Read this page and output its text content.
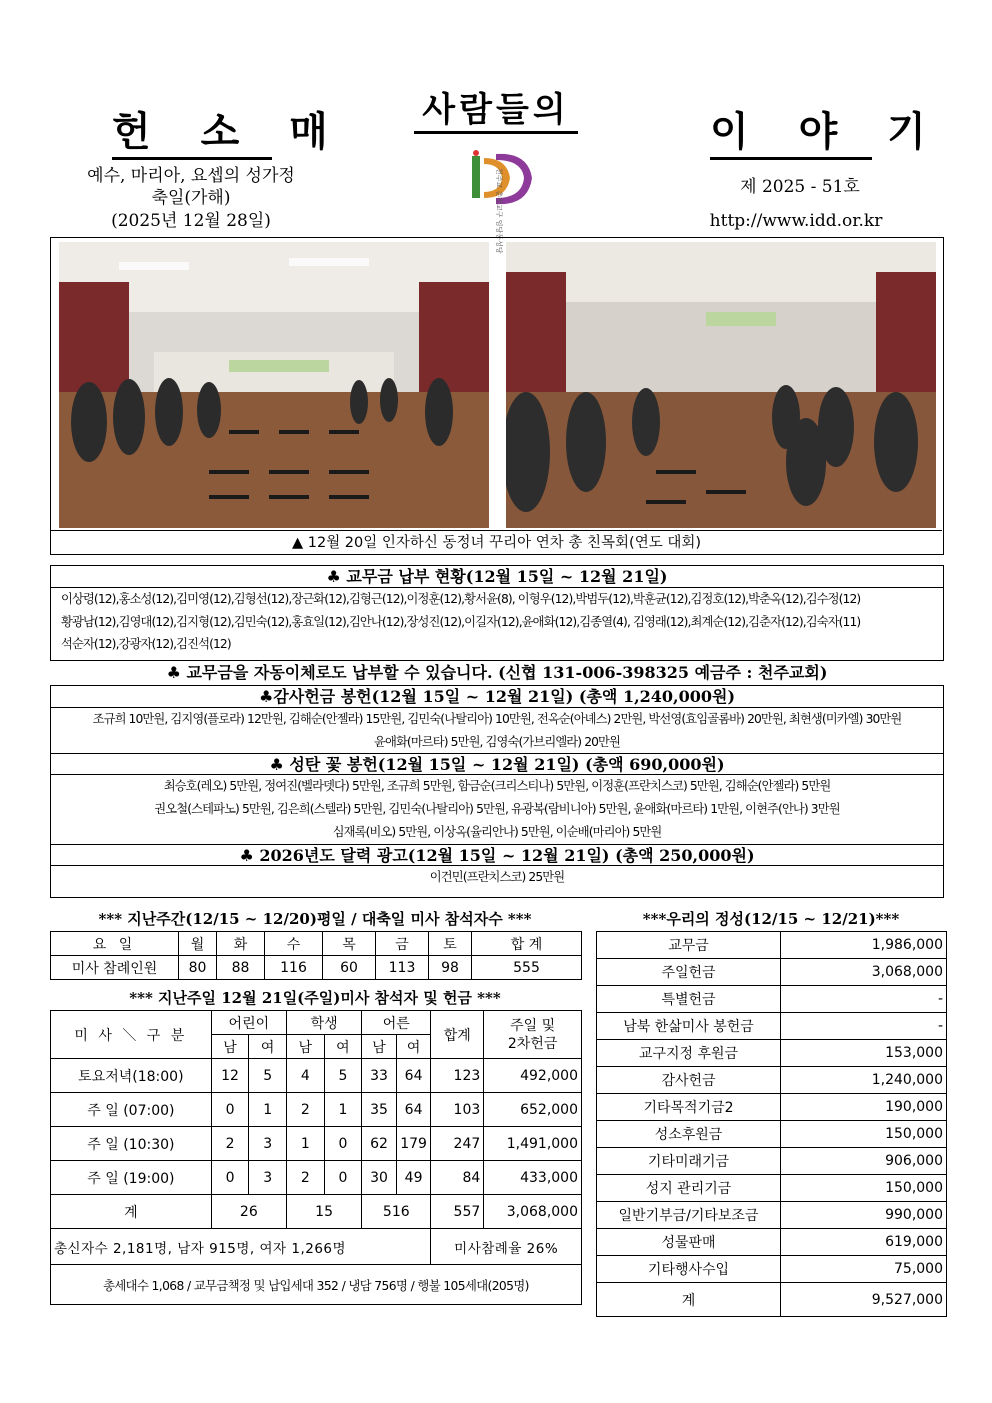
헌 소 매 사람들의	이 야 기
예수, 마리아, 요셉의 성가정
축일(가해)
(2025년 12월 28일)
제 2025 - 51호
http://www.idd.or.kr
천주교 춘천교구 임당동성당
▲ 12월 20일 인자하신 동정녀 꾸리아 연차 총 친목회(연도 대회)
♣ 교무금 납부 현황(12월 15일 ~ 12월 21일)
이상령(12),홍소성(12),김미영(12),김형선(12),장근화(12),김형근(12),이정훈(12),황서윤(8), 이형우(12),박범두(12),박훈균(12),김정호(12),박춘옥(12),김수정(12)
황광남(12),김영대(12),김지형(12),김민숙(12),홍효일(12),김안나(12),장성진(12),이길자(12),윤애화(12),김종열(4), 김영래(12),최계순(12),김춘자(12),김숙자(11)
석순자(12),강광자(12),김진석(12)
♣ 교무금을 자동이체로도 납부할 수 있습니다. (신협 131-006-398325 예금주 : 천주교회)
♣감사헌금 봉헌(12월 15일 ~ 12월 21일) (총액 1,240,000원)
조규희 10만원, 김지영(플로라) 12만원, 김해순(안젤라) 15만원, 김민숙(나탈리아) 10만원, 전옥순(아녜스) 2만원, 박선영(효임골롬바) 20만원, 최현생(미카엘) 30만원
윤애화(마르타) 5만원, 김영숙(가브리엘라) 20만원
♣ 성탄 꽃 봉헌(12월 15일 ~ 12월 21일) (총액 690,000원)
최승호(레오) 5만원, 정여진(벨라뎃다) 5만원, 조규희 5만원, 함금순(크리스티나) 5만원, 이정훈(프란치스코) 5만원, 김해순(안젤라) 5만원
권오철(스테파노) 5만원, 김은희(스텔라) 5만원, 김민숙(나탈리아) 5만원, 유광복(람비니아) 5만원, 윤애화(마르타) 1만원, 이현주(안나) 3만원
심재록(비오) 5만원, 이상옥(율리안나) 5만원, 이순배(마리아) 5만원
♣ 2026년도 달력 광고(12월 15일 ~ 12월 21일) (총액 250,000원)
이건민(프란치스코) 25만원
*** 지난주간(12/15 ~ 12/20)평일 / 대축일 미사 참석자수 ***
요 일	월	화	수	목	금	토	합 계
미사 참례인원	80	88	116	60	113	98	555
*** 지난주일 12월 21일(주일)미사 참석자 및 헌금 ***
미 사 ＼ 구 분	어린이		학생		어른		합계	주일 및
2차헌금
	남	여	남	여	남	여		
토요저녁(18:00)	12	5	4	5	33	64	123	492,000
주 일 (07:00)	0	1	2	1	35	64	103	652,000
주 일 (10:30)	2	3	1	0	62	179	247	1,491,000
주 일 (19:00)	0	3	2	0	30	49	84	433,000
계	26		15		516		557	3,068,000
총신자수 2,181명, 남자 915명, 여자 1,266명							미사참례율 26%	
총세대수 1,068 / 교무금책정 및 납입세대 352 / 냉담 756명 / 행불 105세대(205명)								
***우리의 정성(12/15 ~ 12/21)***
교무금	1,986,000
주일헌금	3,068,000
특별헌금	-
남북 한삶미사 봉헌금	-
교구지정 후원금	153,000
감사헌금	1,240,000
기타목적기금2	190,000
성소후원금	150,000
기타미래기금	906,000
성지 관리기금	150,000
일반기부금/기타보조금	990,000
성물판매	619,000
기타행사수입	75,000
계	9,527,000
